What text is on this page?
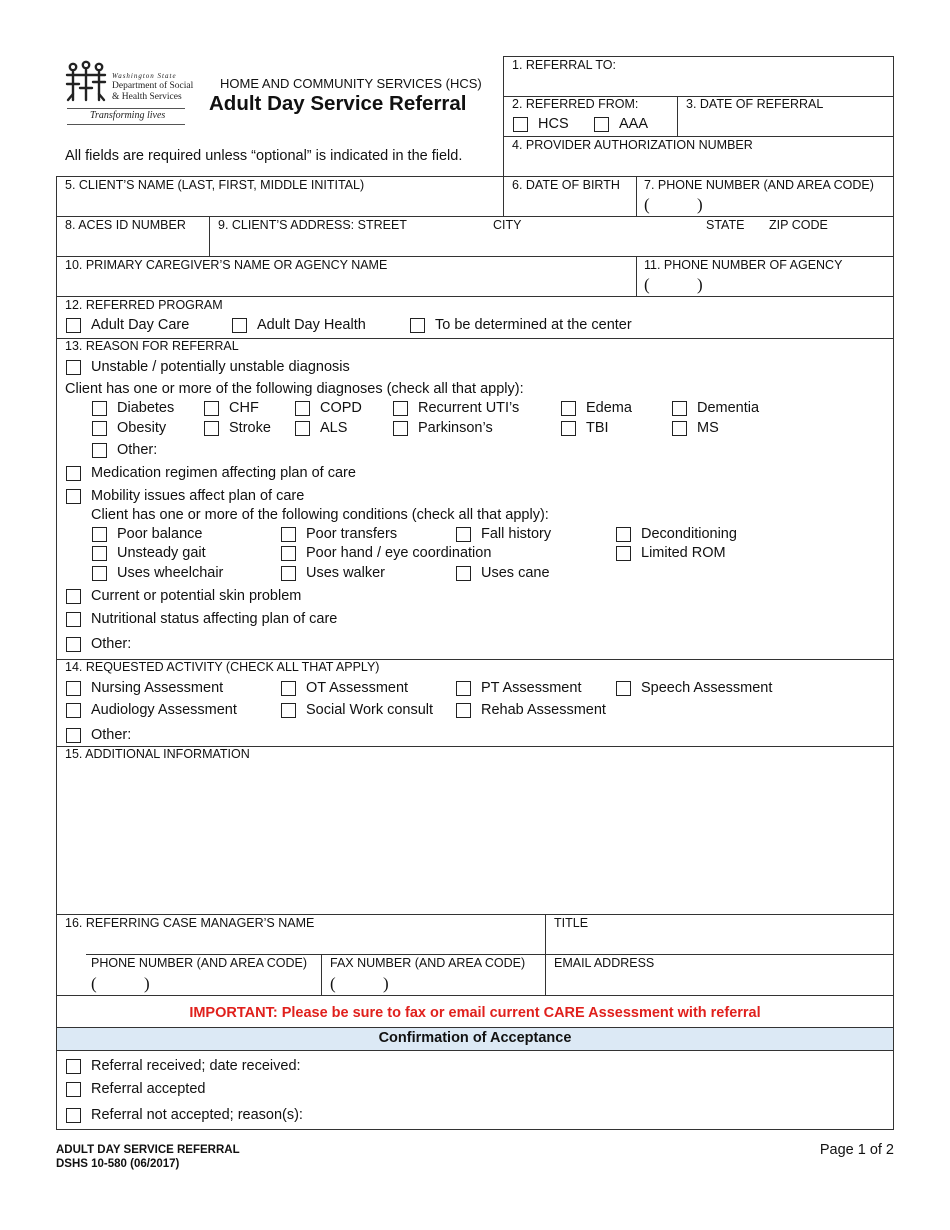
Washington State
Department of Social
& Health Services
Transforming lives
HOME AND COMMUNITY SERVICES (HCS)
Adult Day Service Referral
All fields are required unless “optional” is indicated in the field.
1. REFERRAL TO:
2. REFERRED FROM:
HCS	AAA
3. DATE OF REFERRAL
4. PROVIDER AUTHORIZATION NUMBER
5. CLIENT’S NAME (LAST, FIRST, MIDDLE INITITAL)	6. DATE OF BIRTH 7. PHONE NUMBER (AND AREA CODE)
(	)
8. ACES ID NUMBER	9. CLIENT’S ADDRESS: STREET	CITY	STATE ZIP CODE
10. PRIMARY CAREGIVER’S NAME OR AGENCY NAME	11. PHONE NUMBER OF AGENCY
(	)
12. REFERRED PROGRAM
Adult Day Care	Adult Day Health	To be determined at the center
13. REASON FOR REFERRAL
Unstable / potentially unstable diagnosis
Client has one or more of the following diagnoses (check all that apply):
Diabetes	CHF	COPD	Recurrent UTI’s	Edema	Dementia
Obesity	Stroke	ALS	Parkinson’s	TBI	MS
Other:
Medication regimen affecting plan of care
Mobility issues affect plan of care
Client has one or more of the following conditions (check all that apply):
Poor balance	Poor transfers	Fall history	Deconditioning
Unsteady gait	Poor hand / eye coordination	Limited ROM
Uses wheelchair	Uses walker	Uses cane
Current or potential skin problem
Nutritional status affecting plan of care
Other:
14. REQUESTED ACTIVITY (CHECK ALL THAT APPLY)
Nursing Assessment	OT Assessment	PT Assessment	Speech Assessment
Audiology Assessment	Social Work consult	Rehab Assessment
Other:
15. ADDITIONAL INFORMATION
16. REFERRING CASE MANAGER’S NAME	TITLE
PHONE NUMBER (AND AREA CODE)
(	)
FAX NUMBER (AND AREA CODE)
(	)
EMAIL ADDRESS
IMPORTANT: Please be sure to fax or email current CARE Assessment with referral
Confirmation of Acceptance
Referral received; date received:
Referral accepted
Referral not accepted; reason(s):
ADULT DAY SERVICE REFERRAL
DSHS 10-580 (06/2017)
Page 1 of 2
